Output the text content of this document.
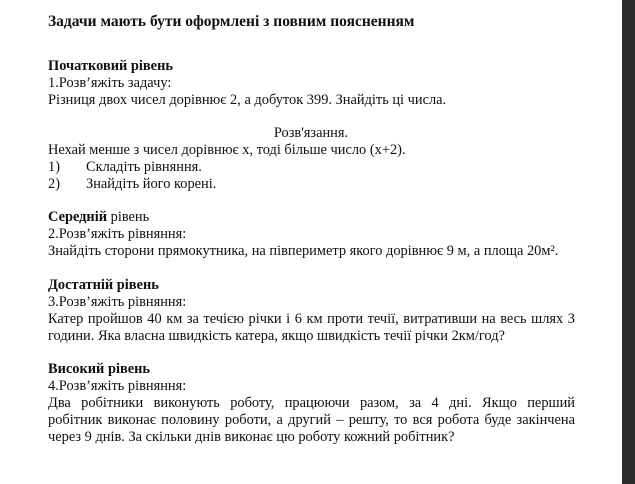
Задачи мають бути оформлені з повним поясненням
Початковий рівень
1.Розв’яжіть задачу:
Різниця двох чисел дорівнює 2, а добуток 399. Знайдіть ці числа.
Розв'язання.
Нехай менше з чисел дорівнює х, тоді більше число (х+2).
1) Складіть рівняння.
2) Знайдіть його корені.
Середній рівень
2.Розв’яжіть рівняння:
Знайдіть сторони прямокутника, на півпериметр якого дорівнює 9 м, а площа 20м².
Достатній рівень
3.Розв’яжіть рівняння:
Катер пройшов 40 км за течією річки і 6 км проти течії, витративши на весь шлях 3
години. Яка власна швидкість катера, якщо швидкість течії річки 2км/год?
Високий рівень
4.Розв’яжіть рівняння:
Два робітники виконують роботу, працюючи разом, за 4 дні. Якщо перший
робітник виконає половину роботи, а другий – решту, то вся робота буде закінчена
через 9 днів. За скільки днів виконає цю роботу кожний робітник?
